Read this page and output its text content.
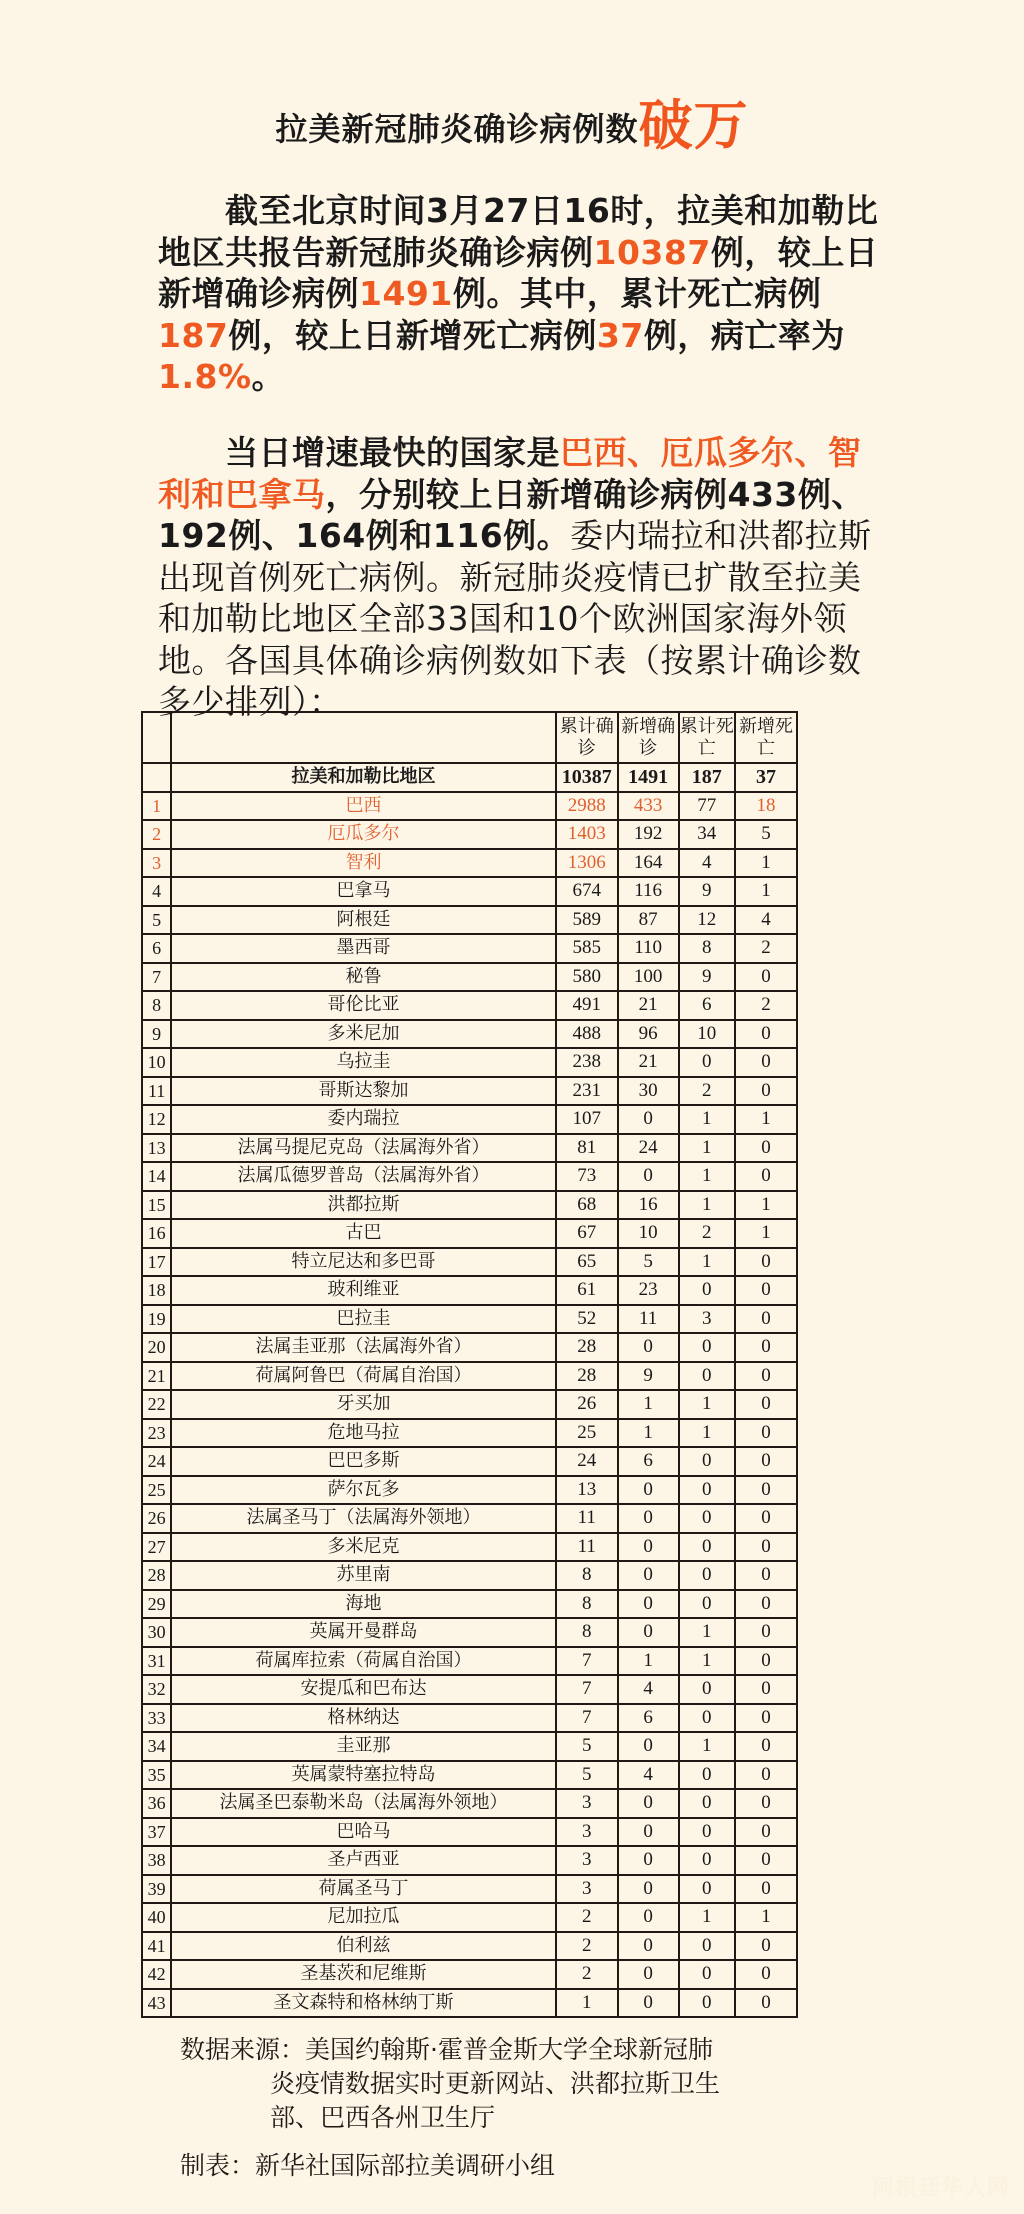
拉美新冠肺炎确诊病例数破万
　　截至北京时间3月27日16时，拉美和加勒比地区共报告新冠肺炎确诊病例10387例，较上日新增确诊病例1491例。其中，累计死亡病例187例，较上日新增死亡病例37例，病亡率为1.8%。
　　当日增速最快的国家是巴西、厄瓜多尔、智利和巴拿马，分别较上日新增确诊病例433例、192例、164例和116例。委内瑞拉和洪都拉斯出现首例死亡病例。新冠肺炎疫情已扩散至拉美和加勒比地区全部33国和10个欧洲国家海外领地。各国具体确诊病例数如下表（按累计确诊数多少排列）：
		累计确诊	新增确诊	累计死亡	新增死亡
	拉美和加勒比地区	10387	1491	187	37
1	巴西	2988	433	77	18
2	厄瓜多尔	1403	192	34	5
3	智利	1306	164	4	1
4	巴拿马	674	116	9	1
5	阿根廷	589	87	12	4
6	墨西哥	585	110	8	2
7	秘鲁	580	100	9	0
8	哥伦比亚	491	21	6	2
9	多米尼加	488	96	10	0
10	乌拉圭	238	21	0	0
11	哥斯达黎加	231	30	2	0
12	委内瑞拉	107	0	1	1
13	法属马提尼克岛（法属海外省）	81	24	1	0
14	法属瓜德罗普岛（法属海外省）	73	0	1	0
15	洪都拉斯	68	16	1	1
16	古巴	67	10	2	1
17	特立尼达和多巴哥	65	5	1	0
18	玻利维亚	61	23	0	0
19	巴拉圭	52	11	3	0
20	法属圭亚那（法属海外省）	28	0	0	0
21	荷属阿鲁巴（荷属自治国）	28	9	0	0
22	牙买加	26	1	1	0
23	危地马拉	25	1	1	0
24	巴巴多斯	24	6	0	0
25	萨尔瓦多	13	0	0	0
26	法属圣马丁（法属海外领地）	11	0	0	0
27	多米尼克	11	0	0	0
28	苏里南	8	0	0	0
29	海地	8	0	0	0
30	英属开曼群岛	8	0	1	0
31	荷属库拉索（荷属自治国）	7	1	1	0
32	安提瓜和巴布达	7	4	0	0
33	格林纳达	7	6	0	0
34	圭亚那	5	0	1	0
35	英属蒙特塞拉特岛	5	4	0	0
36	法属圣巴泰勒米岛（法属海外领地）	3	0	0	0
37	巴哈马	3	0	0	0
38	圣卢西亚	3	0	0	0
39	荷属圣马丁	3	0	0	0
40	尼加拉瓜	2	0	1	1
41	伯利兹	2	0	0	0
42	圣基茨和尼维斯	2	0	0	0
43	圣文森特和格林纳丁斯	1	0	0	0
数据来源： 美国约翰斯·霍普金斯大学全球新冠肺
炎疫情数据实时更新网站、洪都拉斯卫生
部、巴西各州卫生厅
制表： 新华社国际部拉美调研小组
阿根廷华人网
